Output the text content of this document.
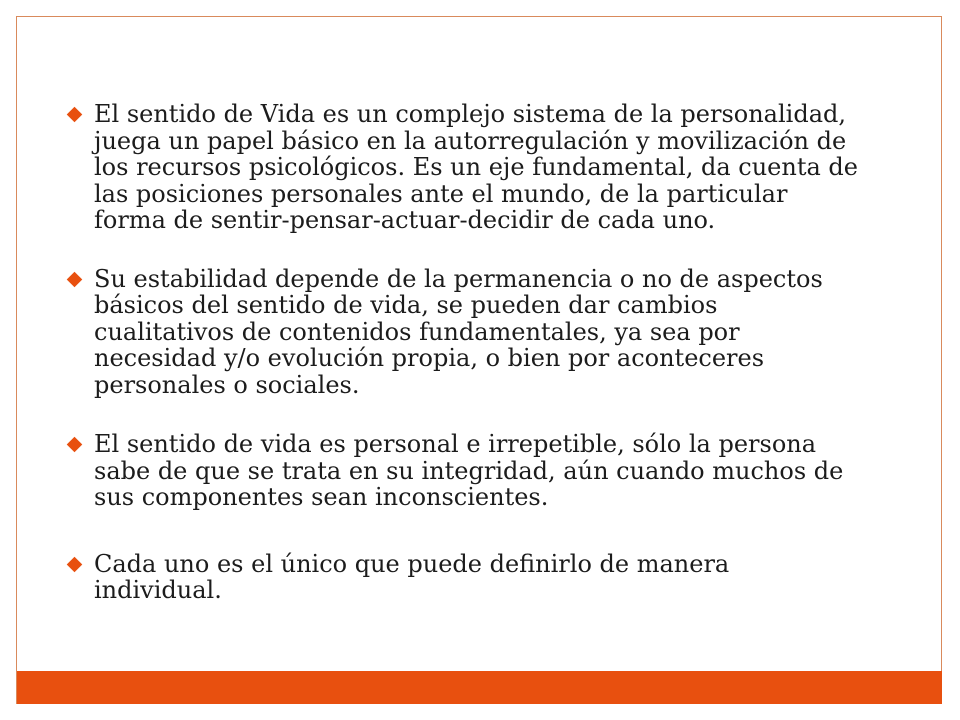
El sentido de Vida es un complejo sistema de la personalidad,
juega un papel básico en la autorregulación y movilización de
los recursos psicológicos. Es un eje fundamental, da cuenta de
las posiciones personales ante el mundo, de la particular
forma de sentir-pensar-actuar-decidir de cada uno.
Su estabilidad depende de la permanencia o no de aspectos
básicos del sentido de vida, se pueden dar cambios
cualitativos de contenidos fundamentales, ya sea por
necesidad y/o evolución propia, o bien por aconteceres
personales o sociales.
El sentido de vida es personal e irrepetible, sólo la persona
sabe de que se trata en su integridad, aún cuando muchos de
sus componentes sean inconscientes.
Cada uno es el único que puede definirlo de manera
individual.
